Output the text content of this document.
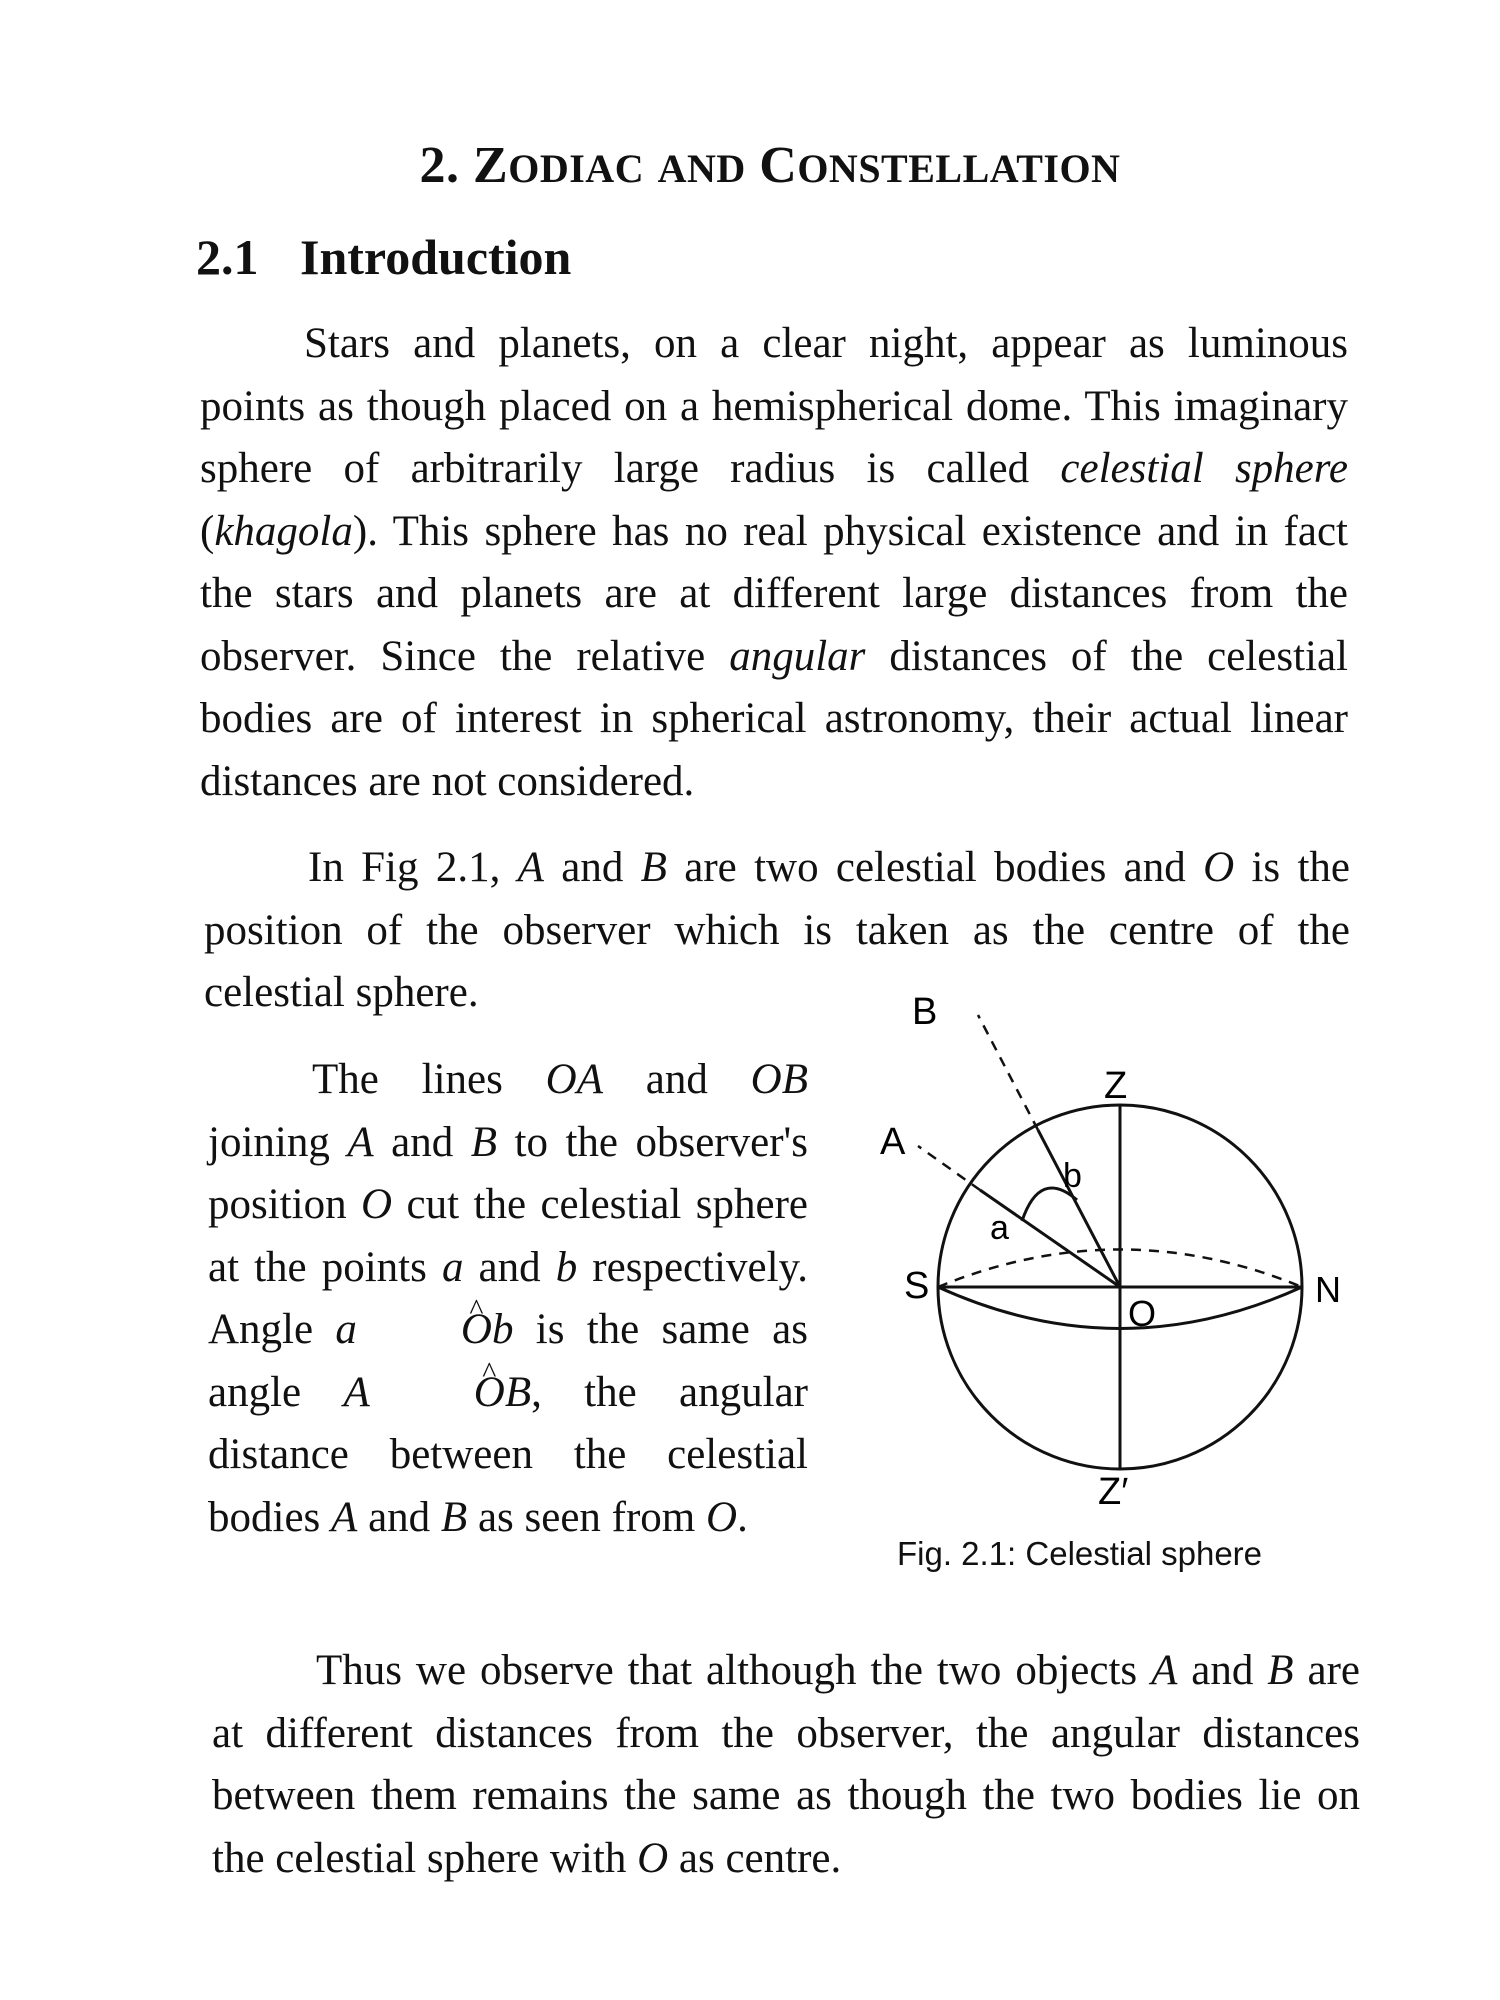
2. ZODIAC AND CONSTELLATION
2.1 Introduction
Stars and planets, on a clear night, appear as luminous points as though placed on a hemispherical dome. This imaginary sphere of arbitrarily large radius is called celestial sphere (khagola). This sphere has no real physical existence and in fact the stars and planets are at different large distances from the observer. Since the relative angular distances of the celestial bodies are of interest in spherical astronomy, their actual linear distances are not considered.
In Fig 2.1, A and B are two celestial bodies and O is the position of the observer which is taken as the centre of the celestial sphere.
The lines OA and OB joining A and B to the observer's position O cut the celestial sphere at the points a and b respectively. Angle a ^ Ob is the same as angle A ^ OB, the angular distance between the celestial bodies A and B as seen from O.
B
Z
A
b
a
S	N
O
Z′
Fig. 2.1: Celestial sphere
Thus we observe that although the two objects A and B are at different distances from the observer, the angular distances between them remains the same as though the two bodies lie on the celestial sphere with O as centre.
